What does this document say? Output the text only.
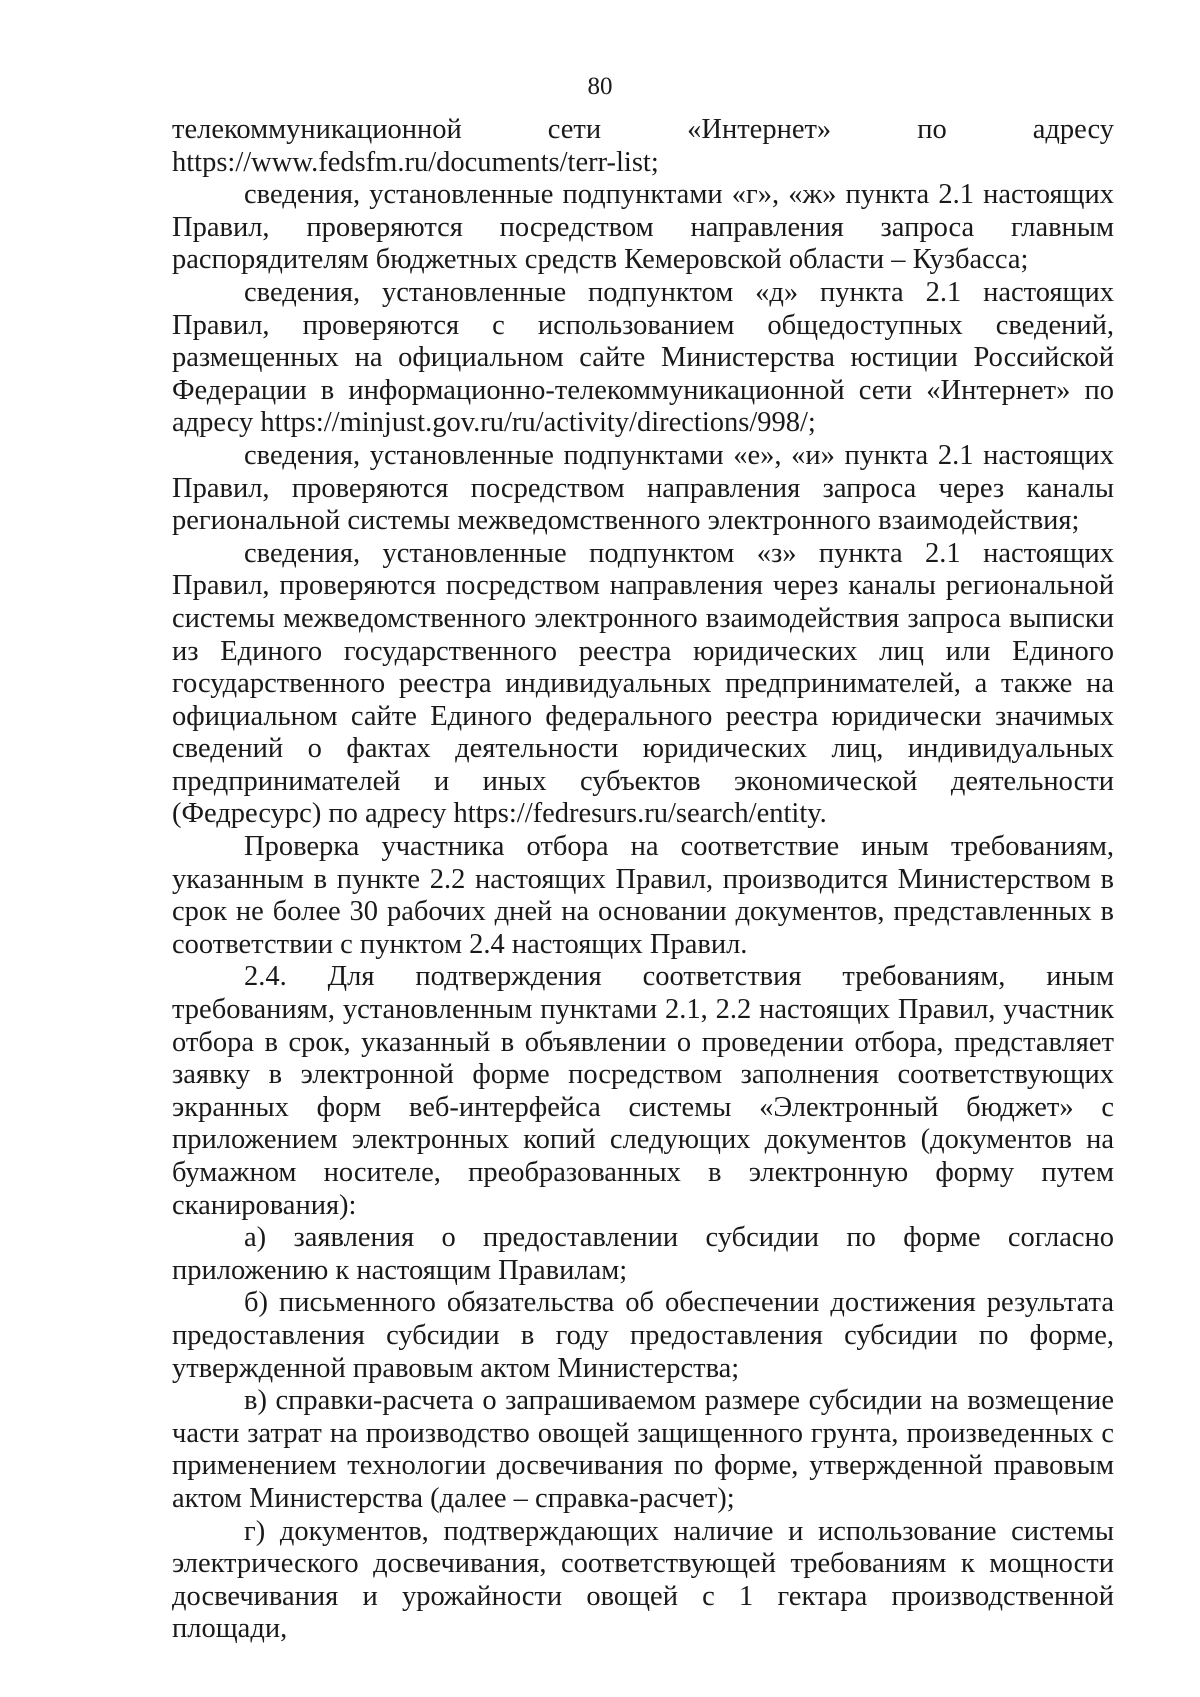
80

телекоммуникационной сети «Интернет» по адресу

https://www.fedsfm.ru/documents/terr-list;

сведения, установленные подпунктами «г», «ж» пункта 2.1 настоящих Правил, проверяются посредством направления запроса главным распорядителям бюджетных средств Кемеровской области – Кузбасса;

сведения, установленные подпунктом «д» пункта 2.1 настоящих Правил, проверяются с использованием общедоступных сведений, размещенных на официальном сайте Министерства юстиции Российской Федерации в информационно-телекоммуникационной сети «Интернет» по адресу https://minjust.gov.ru/ru/activity/directions/998/;

сведения, установленные подпунктами «е», «и» пункта 2.1 настоящих Правил, проверяются посредством направления запроса через каналы региональной системы межведомственного электронного взаимодействия;

сведения, установленные подпунктом «з» пункта 2.1 настоящих Правил, проверяются посредством направления через каналы региональной системы межведомственного электронного взаимодействия запроса выписки из Единого государственного реестра юридических лиц или Единого государственного реестра индивидуальных предпринимателей, а также на официальном сайте Единого федерального реестра юридически значимых сведений о фактах деятельности юридических лиц, индивидуальных предпринимателей и иных субъектов экономической деятельности (Федресурс) по адресу https://fedresurs.ru/search/entity.

Проверка участника отбора на соответствие иным требованиям, указанным в пункте 2.2 настоящих Правил, производится Министерством в срок не более 30 рабочих дней на основании документов, представленных в соответствии с пунктом 2.4 настоящих Правил.

2.4. Для подтверждения соответствия требованиям, иным требованиям, установленным пунктами 2.1, 2.2 настоящих Правил, участник отбора в срок, указанный в объявлении о проведении отбора, представляет заявку в электронной форме посредством заполнения соответствующих экранных форм веб-интерфейса системы «Электронный бюджет» с приложением электронных копий следующих документов (документов на бумажном носителе, преобразованных в электронную форму путем сканирования):

а) заявления о предоставлении субсидии по форме согласно приложению к настоящим Правилам;

б) письменного обязательства об обеспечении достижения результата предоставления субсидии в году предоставления субсидии по форме, утвержденной правовым актом Министерства;

в) справки-расчета о запрашиваемом размере субсидии на возмещение части затрат на производство овощей защищенного грунта, произведенных с применением технологии досвечивания по форме, утвержденной правовым актом Министерства (далее – справка-расчет);

г) документов, подтверждающих наличие и использование системы электрического досвечивания, соответствующей требованиям к мощности досвечивания и урожайности овощей с 1 гектара производственной площади,
